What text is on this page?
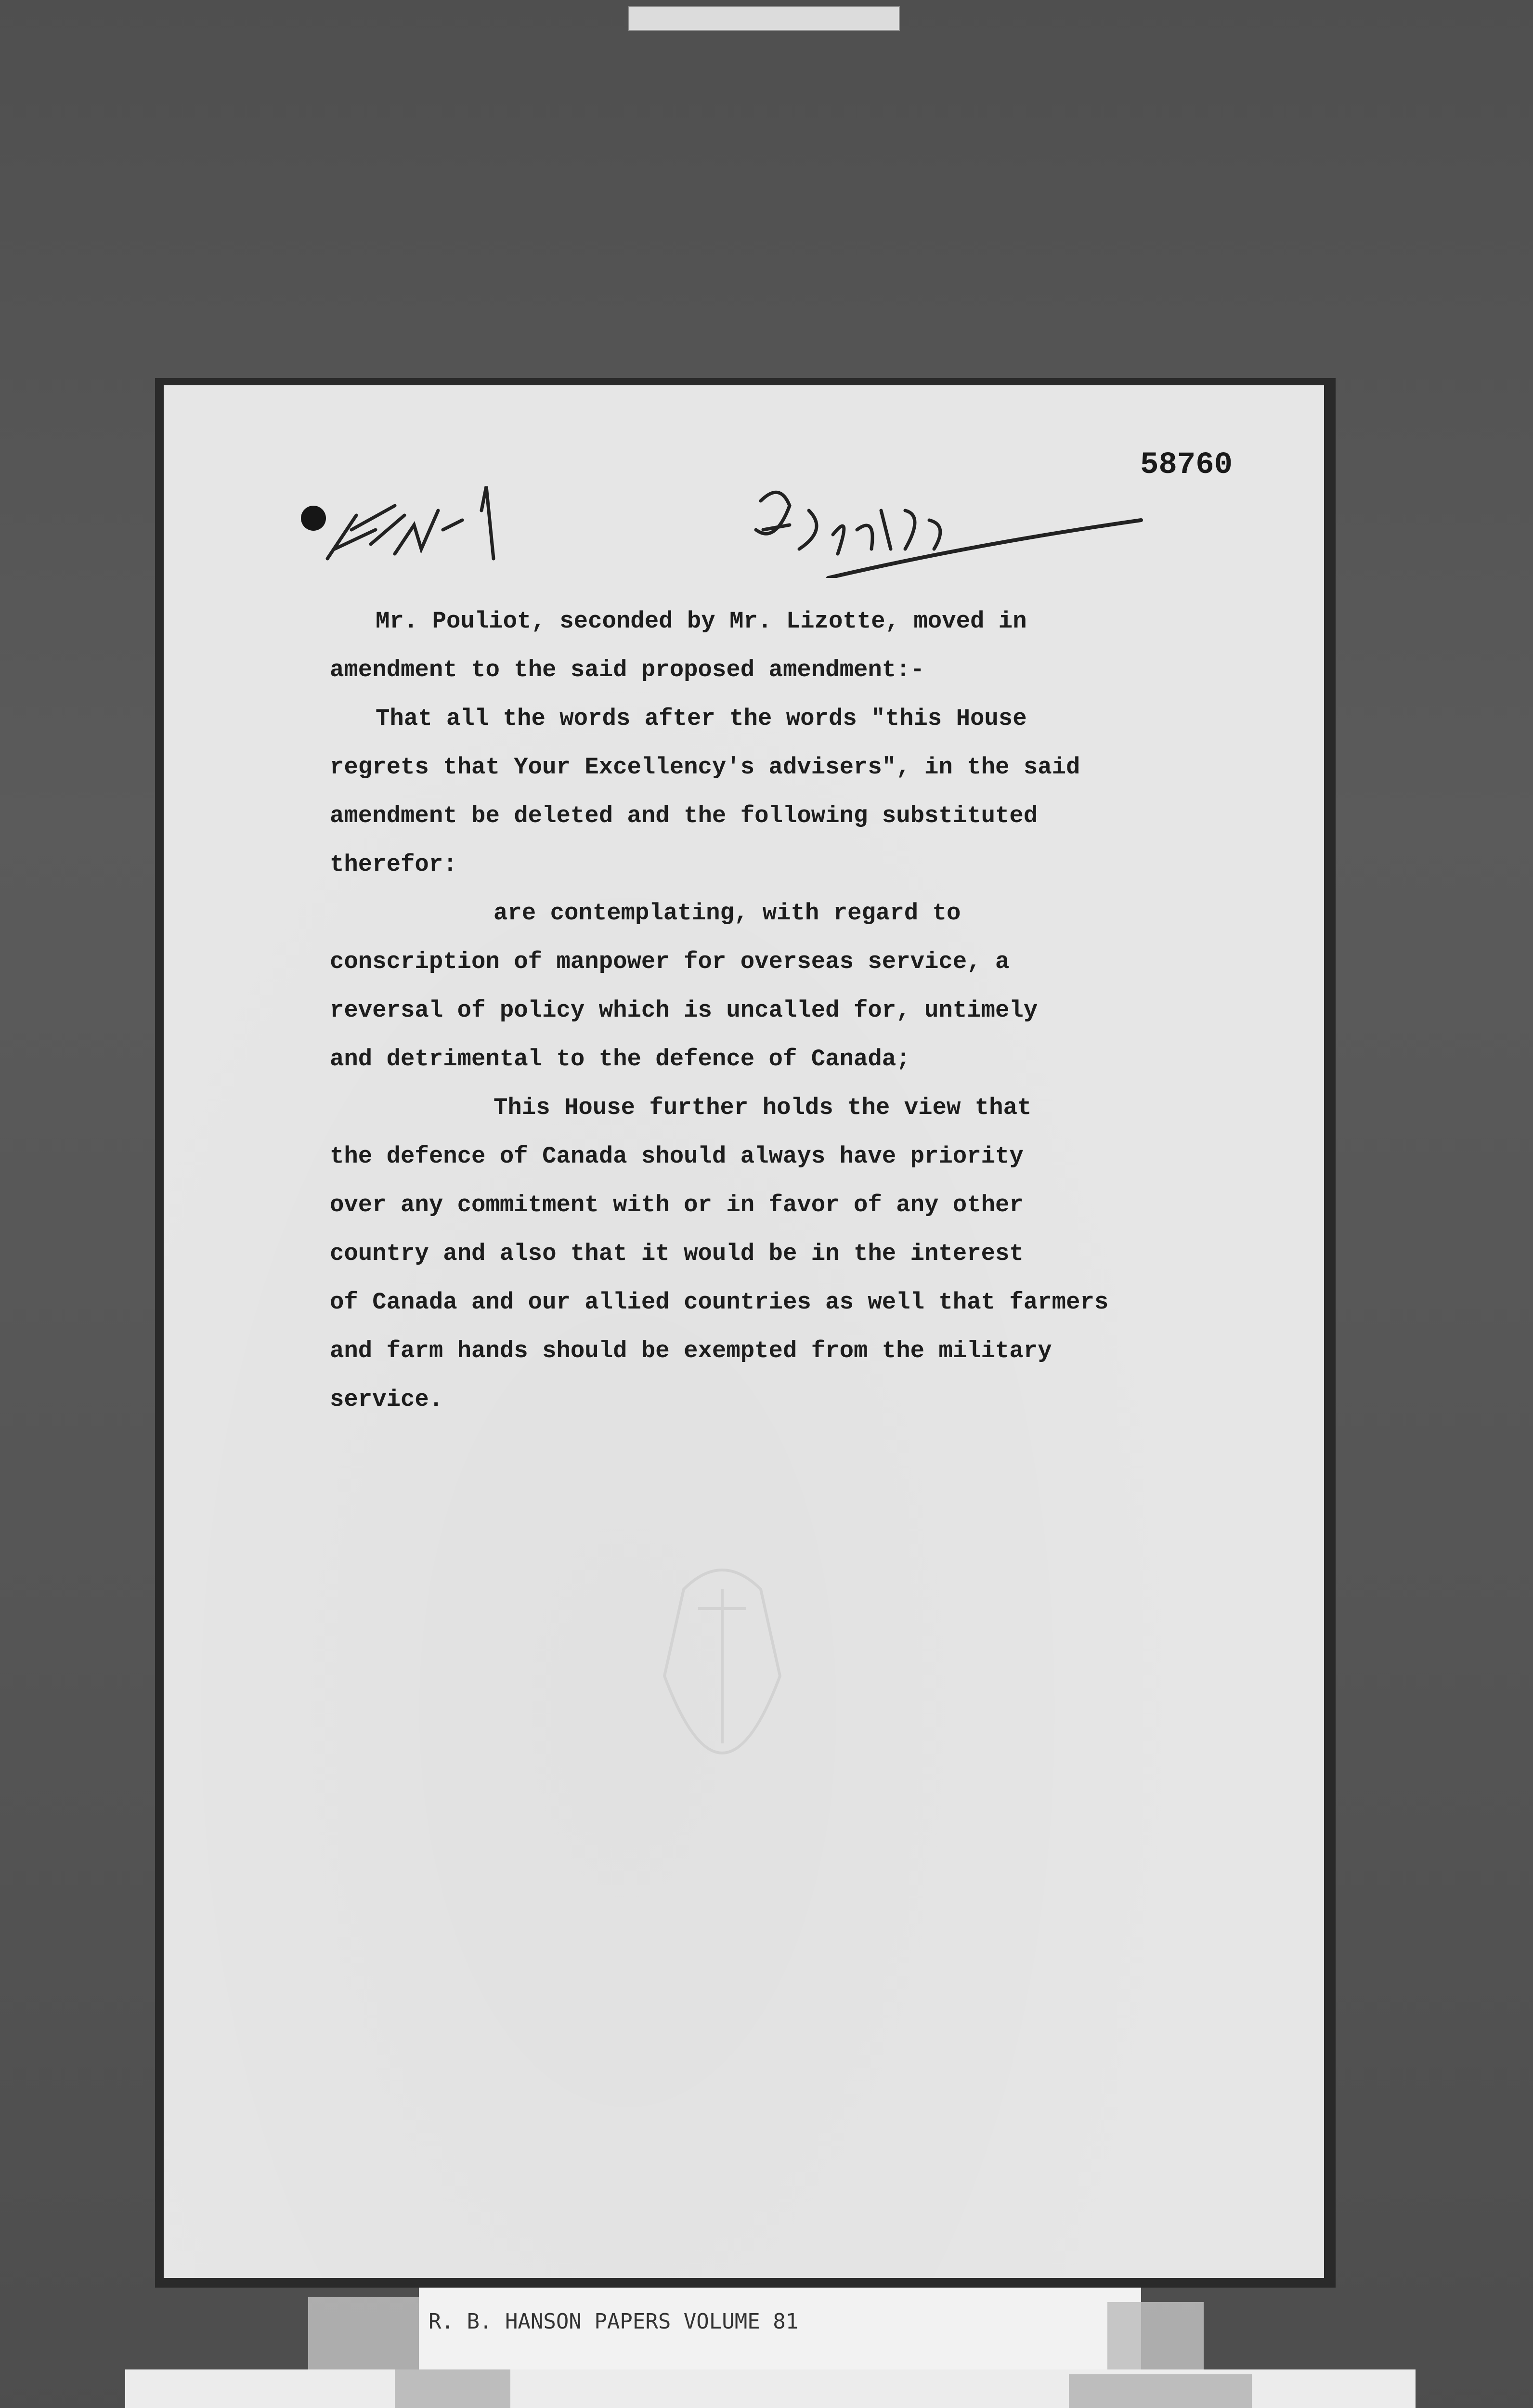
58760

Mr. Pouliot, seconded by Mr. Lizotte, moved in

amendment to the said proposed amendment:-

That all the words after the words "this House

regrets that Your Excellency's advisers", in the said

amendment be deleted and the following substituted

therefor:

are contemplating, with regard to

conscription of manpower for overseas service, a

reversal of policy which is uncalled for, untimely

and detrimental to the defence of Canada;

This House further holds the view that

the defence of Canada should always have priority

over any commitment with or in favor of any other

country and also that it would be in the interest

of Canada and our allied countries as well that farmers

and farm hands should be exempted from the military

service.

R. B. HANSON PAPERS VOLUME 81
